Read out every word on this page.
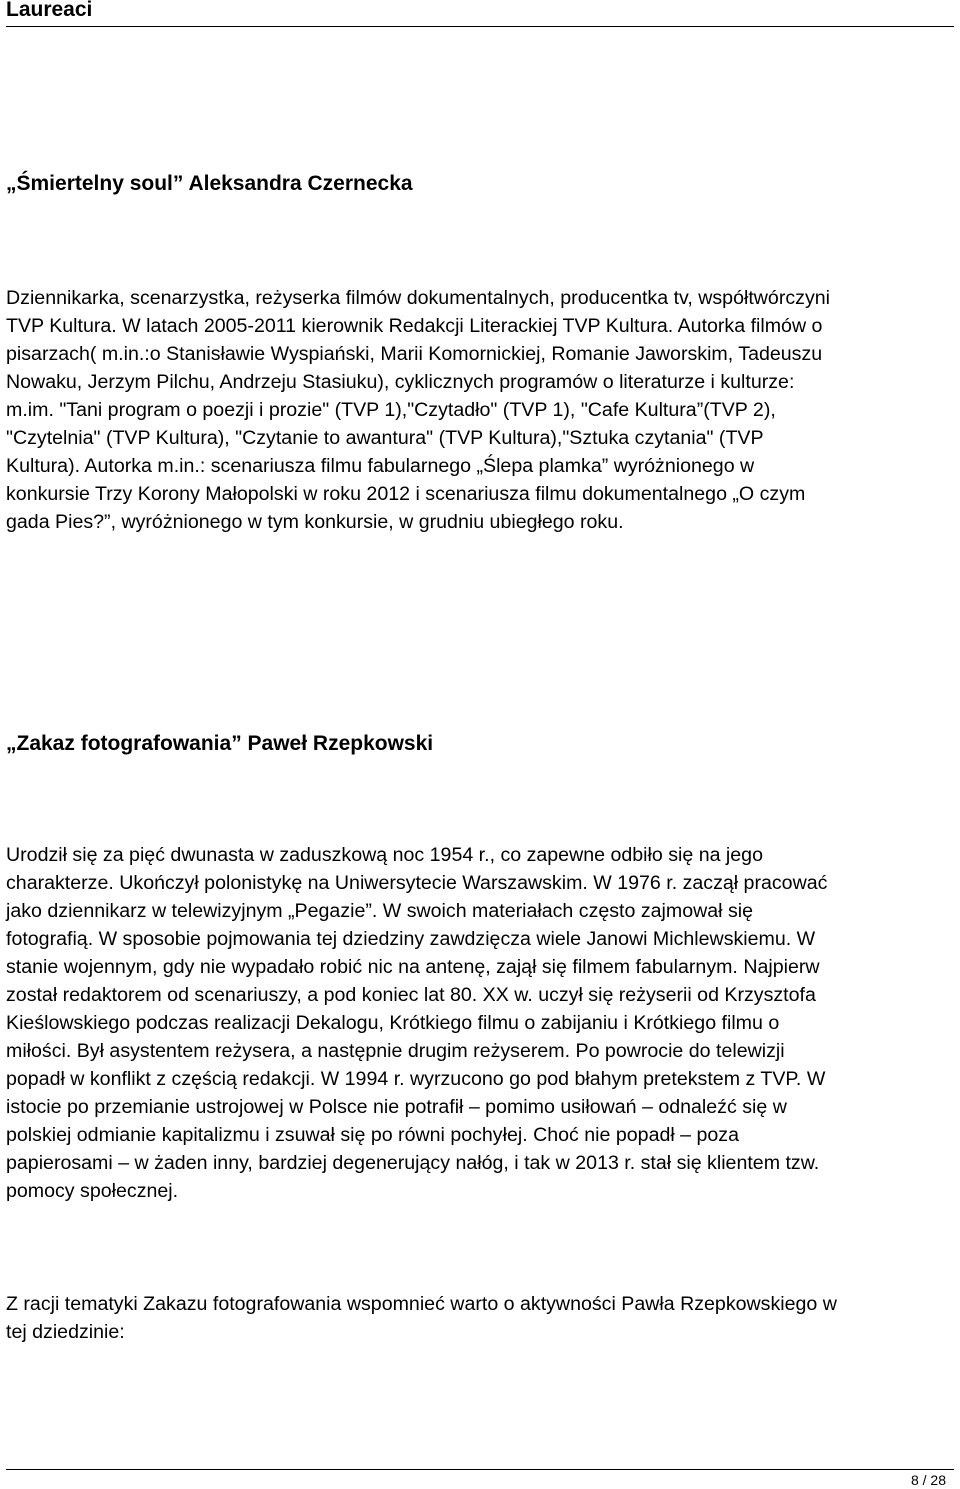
Laureaci
„Śmiertelny soul” Aleksandra Czernecka

Dziennikarka, scenarzystka, reżyserka filmów dokumentalnych, producentka tv, współtwórczyni
TVP Kultura. W latach 2005-2011 kierownik Redakcji Literackiej TVP Kultura. Autorka filmów o
pisarzach( m.in.:o Stanisławie Wyspiański, Marii Komornickiej, Romanie Jaworskim, Tadeuszu
Nowaku, Jerzym Pilchu, Andrzeju Stasiuku), cyklicznych programów o literaturze i kulturze:
m.im. "Tani program o poezji i prozie" (TVP 1),"Czytadło" (TVP 1), "Cafe Kultura”(TVP 2),
"Czytelnia" (TVP Kultura), "Czytanie to awantura" (TVP Kultura),"Sztuka czytania" (TVP
Kultura). Autorka m.in.: scenariusza filmu fabularnego „Ślepa plamka” wyróżnionego w
konkursie Trzy Korony Małopolski w roku 2012 i scenariusza filmu dokumentalnego „O czym
gada Pies?”, wyróżnionego w tym konkursie, w grudniu ubiegłego roku.

„Zakaz fotografowania” Paweł Rzepkowski

Urodził się za pięć dwunasta w zaduszkową noc 1954 r., co zapewne odbiło się na jego
charakterze. Ukończył polonistykę na Uniwersytecie Warszawskim. W 1976 r. zaczął pracować
jako dziennikarz w telewizyjnym „Pegazie”. W swoich materiałach często zajmował się
fotografią. W sposobie pojmowania tej dziedziny zawdzięcza wiele Janowi Michlewskiemu. W
stanie wojennym, gdy nie wypadało robić nic na antenę, zajął się filmem fabularnym. Najpierw
został redaktorem od scenariuszy, a pod koniec lat 80. XX w. uczył się reżyserii od Krzysztofa
Kieślowskiego podczas realizacji Dekalogu, Krótkiego filmu o zabijaniu i Krótkiego filmu o
miłości. Był asystentem reżysera, a następnie drugim reżyserem. Po powrocie do telewizji
popadł w konflikt z częścią redakcji. W 1994 r. wyrzucono go pod błahym pretekstem z TVP. W
istocie po przemianie ustrojowej w Polsce nie potrafił – pomimo usiłowań – odnaleźć się w
polskiej odmianie kapitalizmu i zsuwał się po równi pochyłej. Choć nie popadł – poza
papierosami – w żaden inny, bardziej degenerujący nałóg, i tak w 2013 r. stał się klientem tzw.
pomocy społecznej.

Z racji tematyki Zakazu fotografowania wspomnieć warto o aktywności Pawła Rzepkowskiego w
tej dziedzinie:

8 / 28
